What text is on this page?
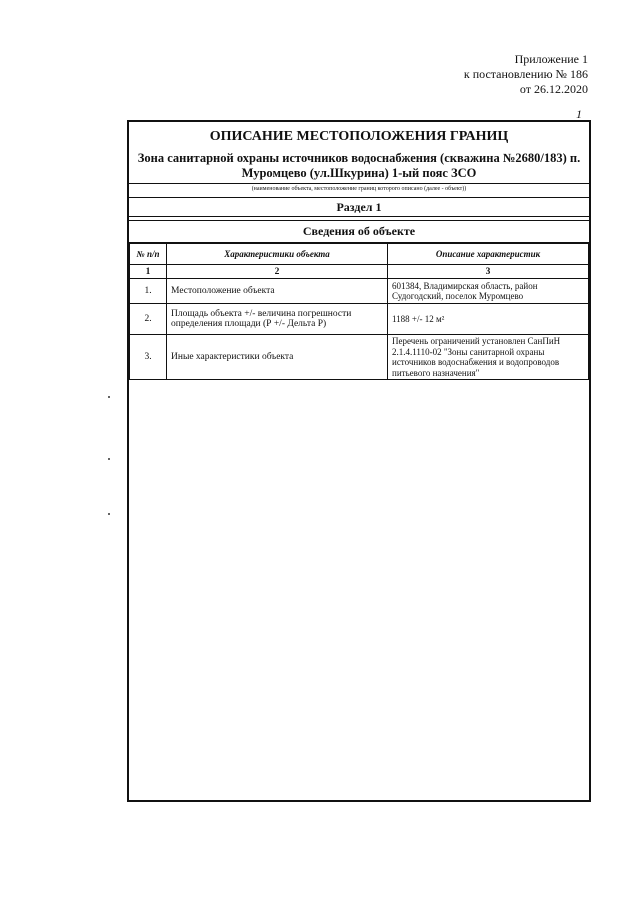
Приложение 1
к постановлению № 186
от 26.12.2020
1
ОПИСАНИЕ МЕСТОПОЛОЖЕНИЯ ГРАНИЦ
Зона санитарной охраны источников водоснабжения (скважина №2680/183) п. Муромцево (ул.Шкурина) 1-ый пояс ЗСО
(наименование объекта, местоположение границ которого описано (далее - объект))
Раздел 1
Сведения об объекте
№ п/п	Характеристики объекта	Описание характеристик
1	2	3
1.	Местоположение объекта	601384, Владимирская область, район Судогодский, поселок Муромцево
2.	Площадь объекта +/- величина погрешности определения площади (Р +/- Дельта Р)	1188 +/- 12 м²
3.	Иные характеристики объекта	Перечень ограничений установлен СанПиН 2.1.4.1110-02 "Зоны санитарной охраны источников водоснабжения и водопроводов питьевого назначения"
